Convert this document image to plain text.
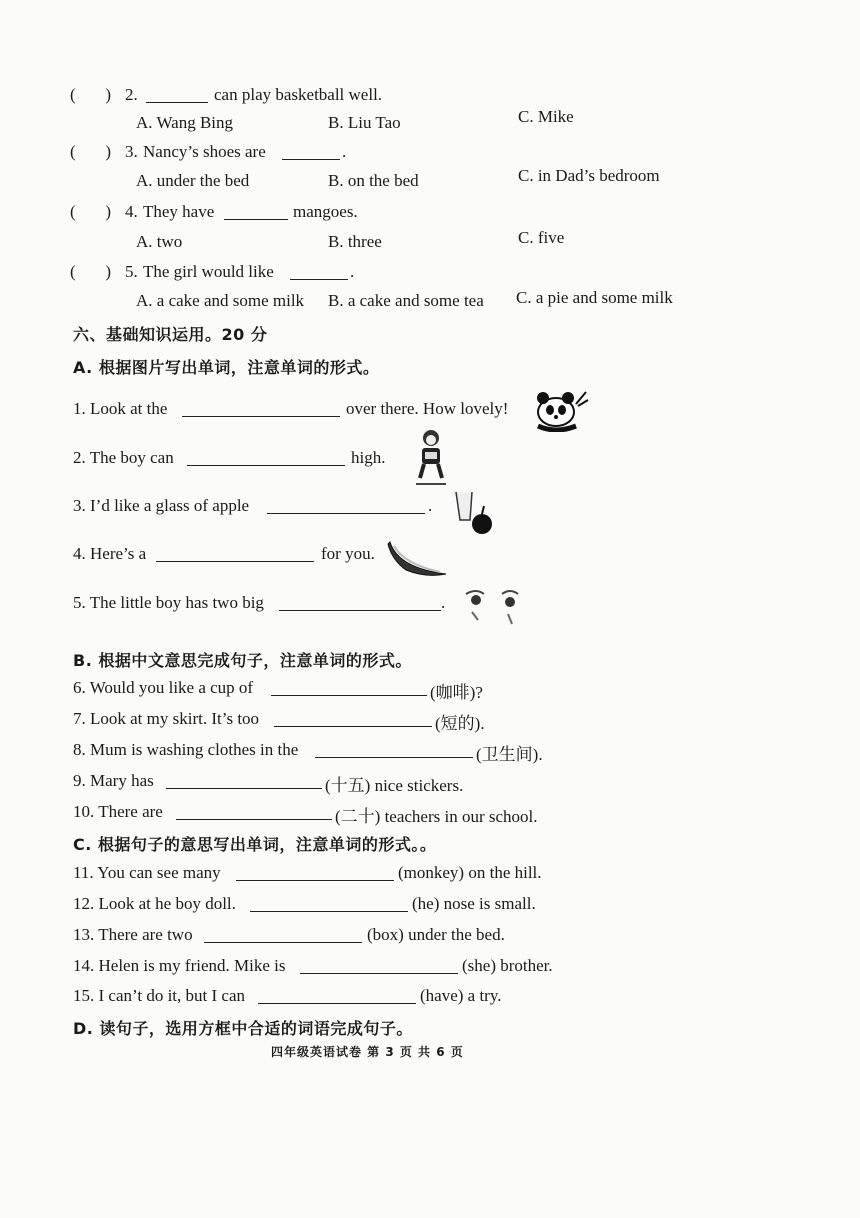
(       ) 2.	can play basketball well.
A. Wang Bing	B. Liu Tao	C. Mike
(       ) 3. Nancy’s shoes are	.
A. under the bed	B. on the bed	C. in Dad’s bedroom
(       ) 4. They have	mangoes.
A. two	B. three	C. five
(       ) 5. The girl would like	.
A. a cake and some milk B. a cake and some tea C. a pie and some milk
六、基础知识运用。20 分
A. 根据图片写出单词，注意单词的形式。
1. Look at the	over there. How lovely!
2. The boy can	high.
3. I’d like a glass of apple	.
4. Here’s a	for you.
5. The little boy has two big	.
B. 根据中文意思完成句子，注意单词的形式。
6. Would you like a cup of	(咖啡)?
7. Look at my skirt. It’s too	(短的).
8. Mum is washing clothes in the	(卫生间).
9. Mary has	(十五) nice stickers.
10. There are	(二十) teachers in our school.
C. 根据句子的意思写出单词，注意单词的形式。。
11. You can see many	(monkey) on the hill.
12. Look at he boy doll.	(he) nose is small.
13. There are two	(box) under the bed.
14. Helen is my friend. Mike is	(she) brother.
15. I can’t do it, but I can	(have) a try.
D. 读句子，选用方框中合适的词语完成句子。
四年级英语试卷 第 3 页 共 6 页
